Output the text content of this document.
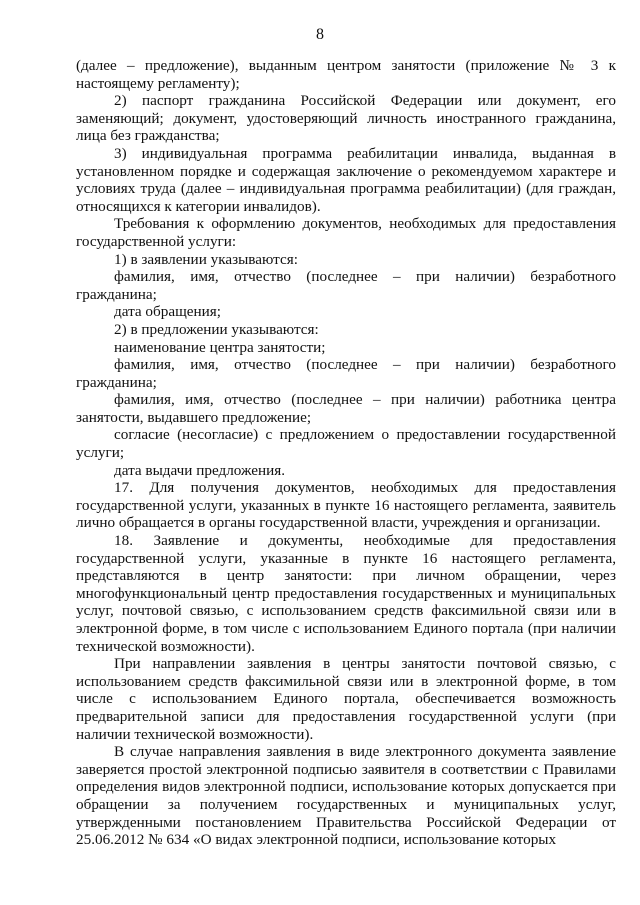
8

(далее – предложение), выданным центром занятости (приложение № 3 к настоящему регламенту);

2) паспорт гражданина Российской Федерации или документ, его заменяющий; документ, удостоверяющий личность иностранного гражданина, лица без гражданства;

3) индивидуальная программа реабилитации инвалида, выданная в установленном порядке и содержащая заключение о рекомендуемом характере и условиях труда (далее – индивидуальная программа реабилитации) (для граждан, относящихся к категории инвалидов).

Требования к оформлению документов, необходимых для предоставления государственной услуги:

1) в заявлении указываются:

фамилия, имя, отчество (последнее – при наличии) безработного гражданина;

дата обращения;

2) в предложении указываются:

наименование центра занятости;

фамилия, имя, отчество (последнее – при наличии) безработного гражданина;

фамилия, имя, отчество (последнее – при наличии) работника центра занятости, выдавшего предложение;

согласие (несогласие) с предложением о предоставлении государственной услуги;

дата выдачи предложения.

17. Для получения документов, необходимых для предоставления государственной услуги, указанных в пункте 16 настоящего регламента, заявитель лично обращается в органы государственной власти, учреждения и организации.

18. Заявление и документы, необходимые для предоставления государственной услуги, указанные в пункте 16 настоящего регламента, представляются в центр занятости: при личном обращении, через многофункциональный центр предоставления государственных и муниципальных услуг, почтовой связью, с использованием средств факсимильной связи или в электронной форме, в том числе с использованием Единого портала (при наличии технической возможности).

При направлении заявления в центры занятости почтовой связью, с использованием средств факсимильной связи или в электронной форме, в том числе с использованием Единого портала, обеспечивается возможность предварительной записи для предоставления государственной услуги (при наличии технической возможности).

В случае направления заявления в виде электронного документа заявление заверяется простой электронной подписью заявителя в соответствии с Правилами определения видов электронной подписи, использование которых допускается при обращении за получением государственных и муниципальных услуг, утвержденными постановлением Правительства Российской Федерации от 25.06.2012 № 634 «О видах электронной подписи, использование которых
